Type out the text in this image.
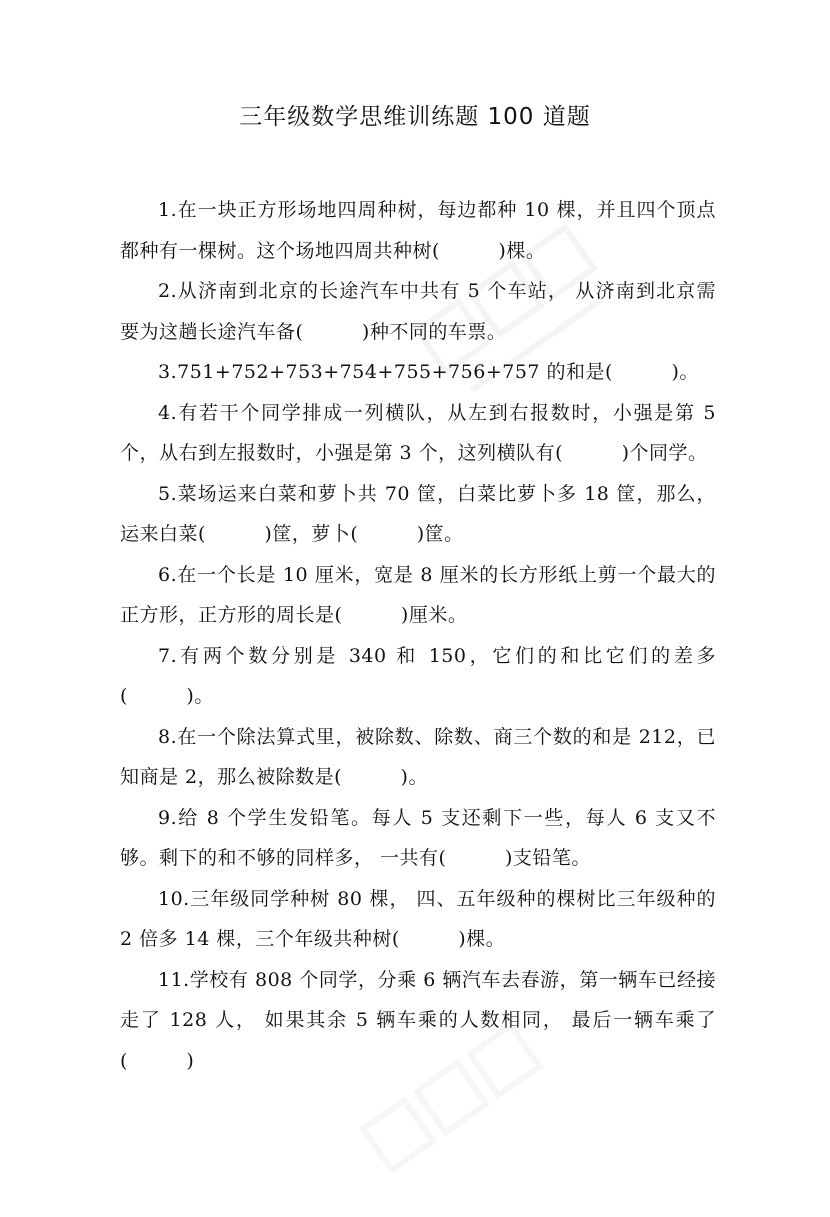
三年级数学思维训练题 100 道题

1.在一块正方形场地四周种树，每边都种 10 棵，并且四个顶点都种有一棵树。这个场地四周共种树(　　　)棵。

2.从济南到北京的长途汽车中共有 5 个车站， 从济南到北京需要为这趟长途汽车备(　　　)种不同的车票。

3.751+752+753+754+755+756+757 的和是(　　　)。

4.有若干个同学排成一列横队，从左到右报数时，小强是第 5 个，从右到左报数时，小强是第 3 个，这列横队有(　　　)个同学。

5.菜场运来白菜和萝卜共 70 筐，白菜比萝卜多 18 筐，那么，运来白菜(　　　)筐，萝卜(　　　)筐。

6.在一个长是 10 厘米，宽是 8 厘米的长方形纸上剪一个最大的正方形，正方形的周长是(　　　)厘米。

7.有两个数分别是 340 和 150，它们的和比它们的差多(　　　)。

8.在一个除法算式里，被除数、除数、商三个数的和是 212，已知商是 2，那么被除数是(　　　)。

9.给 8 个学生发铅笔。每人 5 支还剩下一些，每人 6 支又不够。剩下的和不够的同样多， 一共有(　　　)支铅笔。

10.三年级同学种树 80 棵， 四、五年级种的棵树比三年级种的 2 倍多 14 棵，三个年级共种树(　　　)棵。

11.学校有 808 个同学，分乘 6 辆汽车去春游，第一辆车已经接走了 128 人， 如果其余 5 辆车乘的人数相同， 最后一辆车乘了(　　　)
